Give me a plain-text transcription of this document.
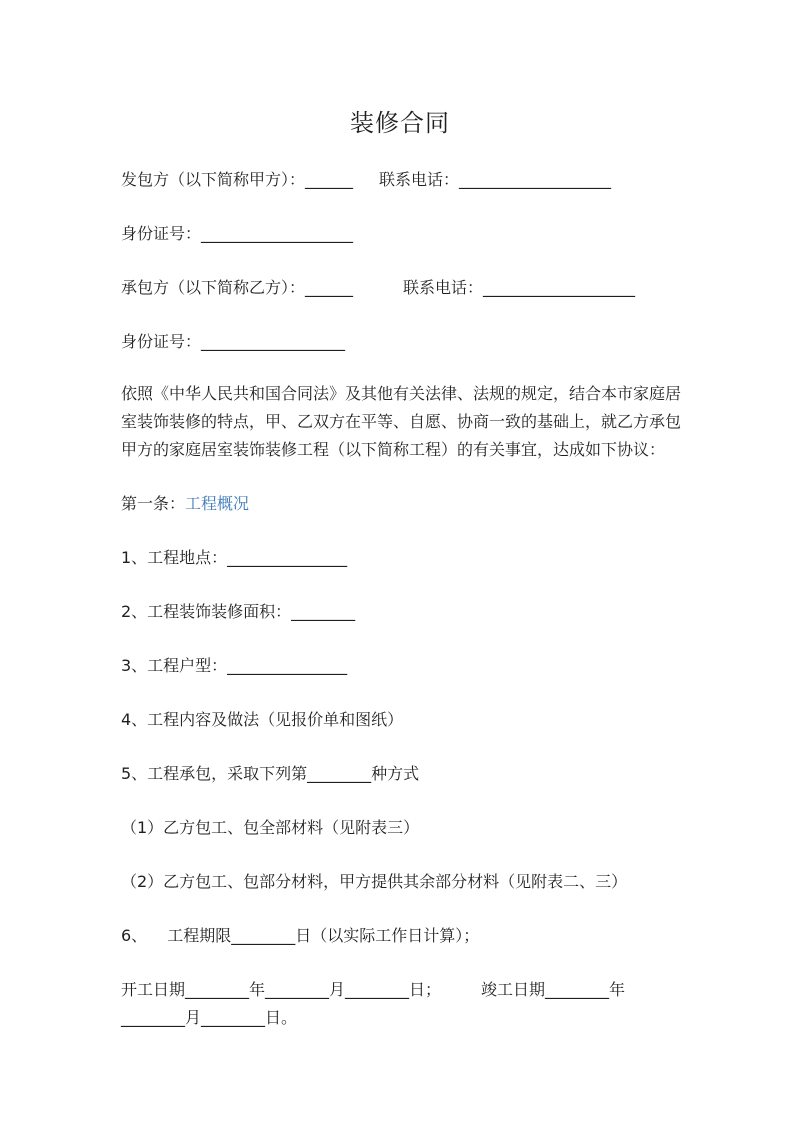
装修合同
发包方（以下简称甲方）：______ 联系电话：___________________
身份证号：___________________
承包方（以下简称乙方）：______	联系电话：___________________
身份证号：__________________
依照《中华人民共和国合同法》及其他有关法律、法规的规定，结合本市家庭居
室装饰装修的特点，甲、乙双方在平等、自愿、协商一致的基础上，就乙方承包
甲方的家庭居室装饰装修工程（以下简称工程）的有关事宜，达成如下协议：
第一条：工程概况
1、工程地点：_______________
2、工程装饰装修面积：________
3、工程户型：_______________
4、工程内容及做法（见报价单和图纸）
5、工程承包，采取下列第________种方式
（1）乙方包工、包全部材料（见附表三）
（2）乙方包工、包部分材料，甲方提供其余部分材料（见附表二、三）
6、 工程期限________日（以实际工作日计算）；
开工日期________年________月________日；	竣工日期________年
________月________日。
